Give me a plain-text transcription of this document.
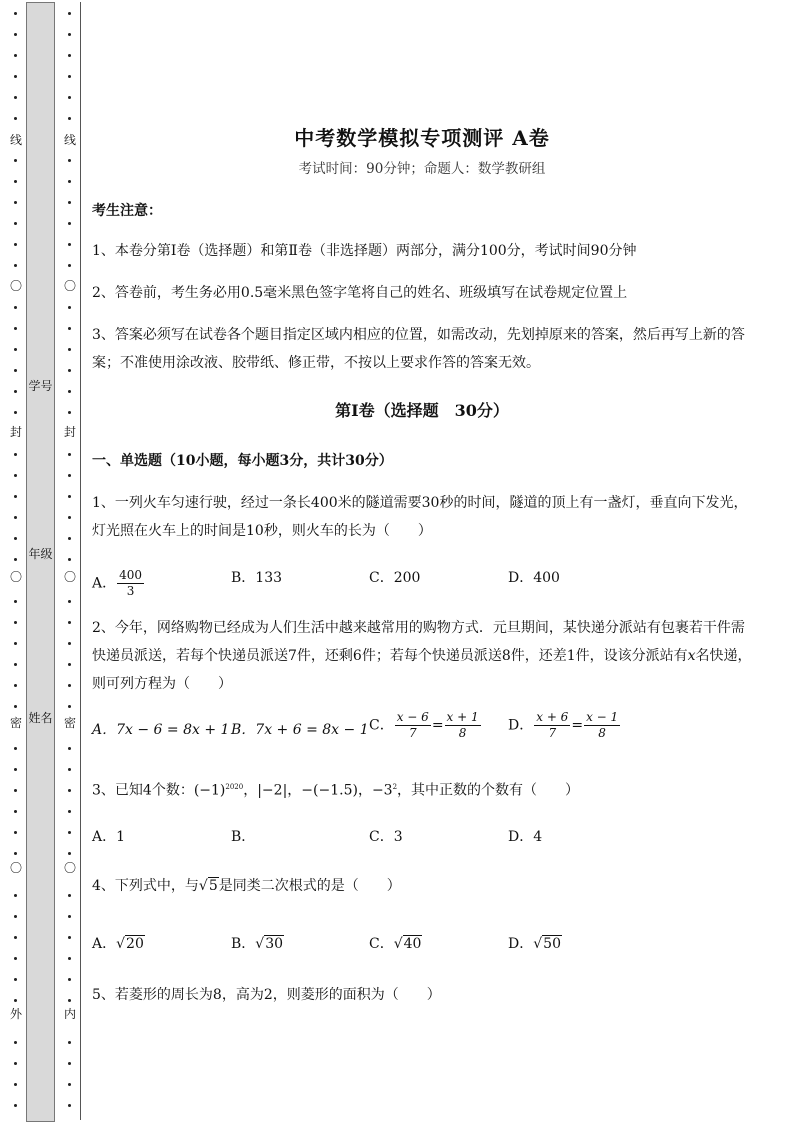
线
〇
封
〇
密
〇
外
学号
年级
姓名
线
〇
封
〇
密
〇
内
中考数学模拟专项测评 A卷
考试时间：90分钟；命题人：数学教研组
考生注意：
1、本卷分第I卷（选择题）和第Ⅱ卷（非选择题）两部分，满分100分，考试时间90分钟
2、答卷前，考生务必用0.5毫米黑色签字笔将自己的姓名、班级填写在试卷规定位置上
3、答案必须写在试卷各个题目指定区域内相应的位置，如需改动，先划掉原来的答案，然后再写上新的答案；不准使用涂改液、胶带纸、修正带，不按以上要求作答的答案无效。
第I卷（选择题　30分）
一、单选题（10小题，每小题3分，共计30分）
1、一列火车匀速行驶，经过一条长400米的隧道需要30秒的时间，隧道的顶上有一盏灯，垂直向下发光，灯光照在火车上的时间是10秒，则火车的长为（　　）
A． $\frac{400}{3}$	B．133	C．200	D．400
2、今年，网络购物已经成为人们生活中越来越常用的购物方式．元旦期间，某快递分派站有包裹若干件需快递员派送，若每个快递员派送7件，还剩6件；若每个快递员派送8件，还差1件，设该分派站有x名快递，则可列方程为（　　）
A．7x − 6 = 8x + 1 B．7x + 6 = 8x − 1 C． $\frac{x - 6}{7} = \frac{x + 1}{8}$ D． $\frac{x + 6}{7} = \frac{x - 1}{8}$
3、已知4个数：$(-1)^{2020}$，|−2|，−(−1.5)，$-3^2$，其中正数的个数有（　　）
A．1	B．	C．3	D．4
4、下列式中，与√5是同类二次根式的是（　　）
A．√20	B．√30	C．√40	D．√50
5、若菱形的周长为8，高为2，则菱形的面积为（　　）
